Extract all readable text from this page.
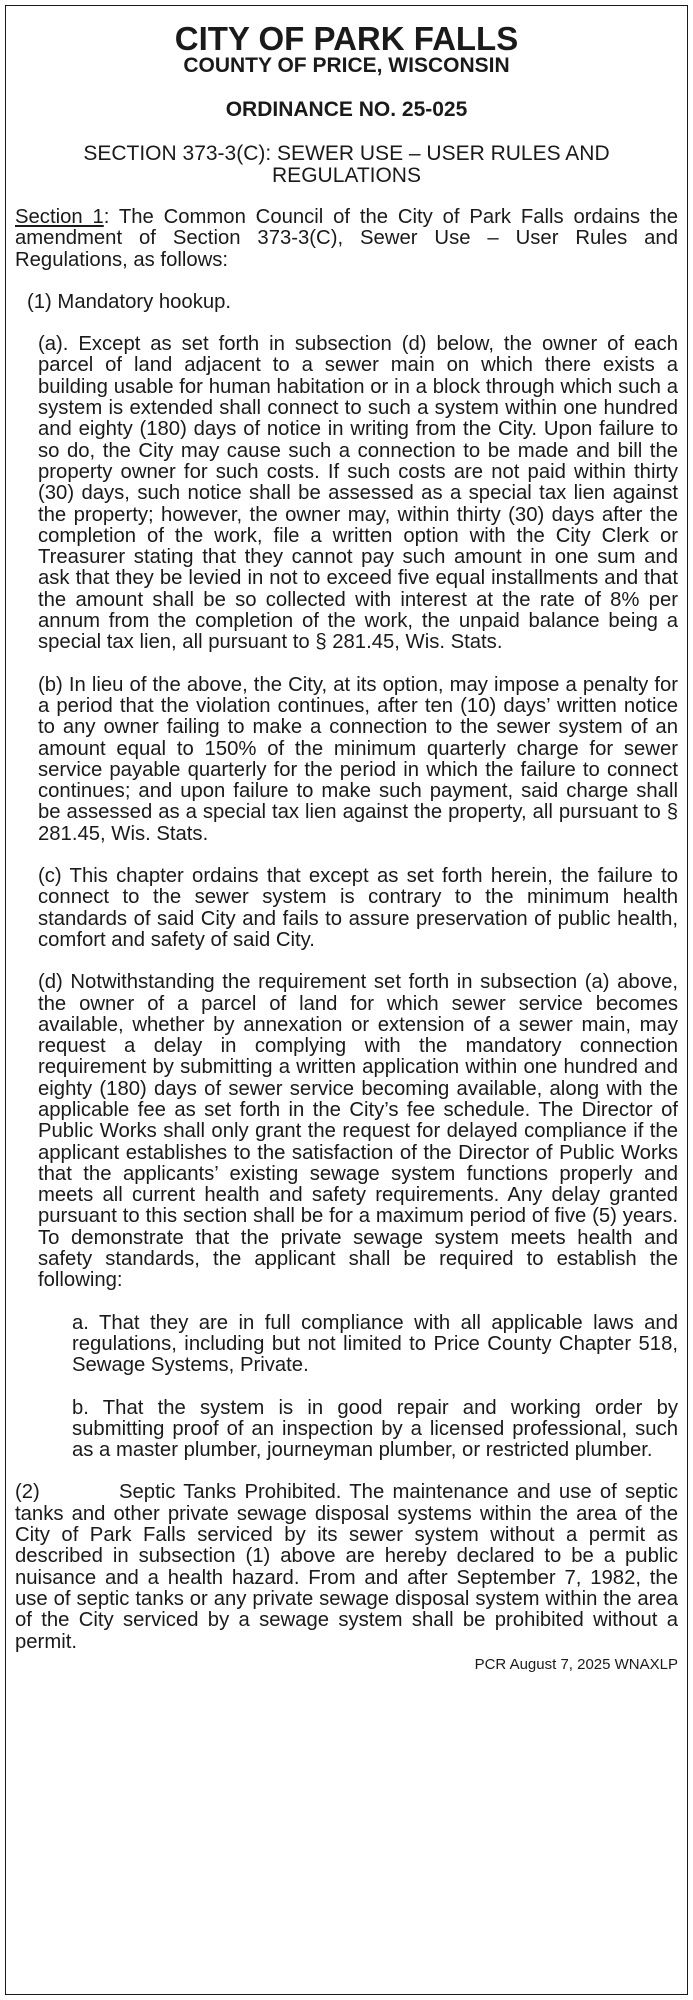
CITY OF PARK FALLS
COUNTY OF PRICE, WISCONSIN
ORDINANCE NO. 25-025
SECTION 373-3(C): SEWER USE – USER RULES AND REGULATIONS

Section 1: The Common Council of the City of Park Falls ordains the amendment of Section 373-3(C), Sewer Use – User Rules and Regulations, as follows:

(1) Mandatory hookup.

(a). Except as set forth in subsection (d) below, the owner of each parcel of land adjacent to a sewer main on which there exists a building usable for human habitation or in a block through which such a system is extended shall connect to such a system within one hundred and eighty (180) days of notice in writing from the City. Upon failure to so do, the City may cause such a connection to be made and bill the property owner for such costs. If such costs are not paid within thirty (30) days, such notice shall be assessed as a special tax lien against the property; however, the owner may, within thirty (30) days after the completion of the work, file a written option with the City Clerk or Treasurer stating that they cannot pay such amount in one sum and ask that they be levied in not to exceed five equal installments and that the amount shall be so collected with interest at the rate of 8% per annum from the completion of the work, the unpaid balance being a special tax lien, all pursuant to § 281.45, Wis. Stats.

(b) In lieu of the above, the City, at its option, may impose a penalty for a period that the violation continues, after ten (10) days’ written notice to any owner failing to make a connection to the sewer system of an amount equal to 150% of the minimum quarterly charge for sewer service payable quarterly for the period in which the failure to connect continues; and upon failure to make such payment, said charge shall be assessed as a special tax lien against the property, all pursuant to § 281.45, Wis. Stats.

(c) This chapter ordains that except as set forth herein, the failure to connect to the sewer system is contrary to the minimum health standards of said City and fails to assure preservation of public health, comfort and safety of said City.

(d) Notwithstanding the requirement set forth in subsection (a) above, the owner of a parcel of land for which sewer service becomes available, whether by annexation or extension of a sewer main, may request a delay in complying with the mandatory connection requirement by submitting a written application within one hundred and eighty (180) days of sewer service becoming available, along with the applicable fee as set forth in the City’s fee schedule. The Director of Public Works shall only grant the request for delayed compliance if the applicant establishes to the satisfaction of the Director of Public Works that the applicants’ existing sewage system functions properly and meets all current health and safety requirements. Any delay granted pursuant to this section shall be for a maximum period of five (5) years. To demonstrate that the private sewage system meets health and safety standards, the applicant shall be required to establish the following:

a. That they are in full compliance with all applicable laws and regulations, including but not limited to Price County Chapter 518, Sewage Systems, Private.

b. That the system is in good repair and working order by submitting proof of an inspection by a licensed professional, such as a master plumber, journeyman plumber, or restricted plumber.

(2)	Septic Tanks Prohibited. The maintenance and use of septic tanks and other private sewage disposal systems within the area of the City of Park Falls serviced by its sewer system without a permit as described in subsection (1) above are hereby declared to be a public nuisance and a health hazard. From and after September 7, 1982, the use of septic tanks or any private sewage disposal system within the area of the City serviced by a sewage system shall be prohibited without a permit.

PCR August 7, 2025 WNAXLP
